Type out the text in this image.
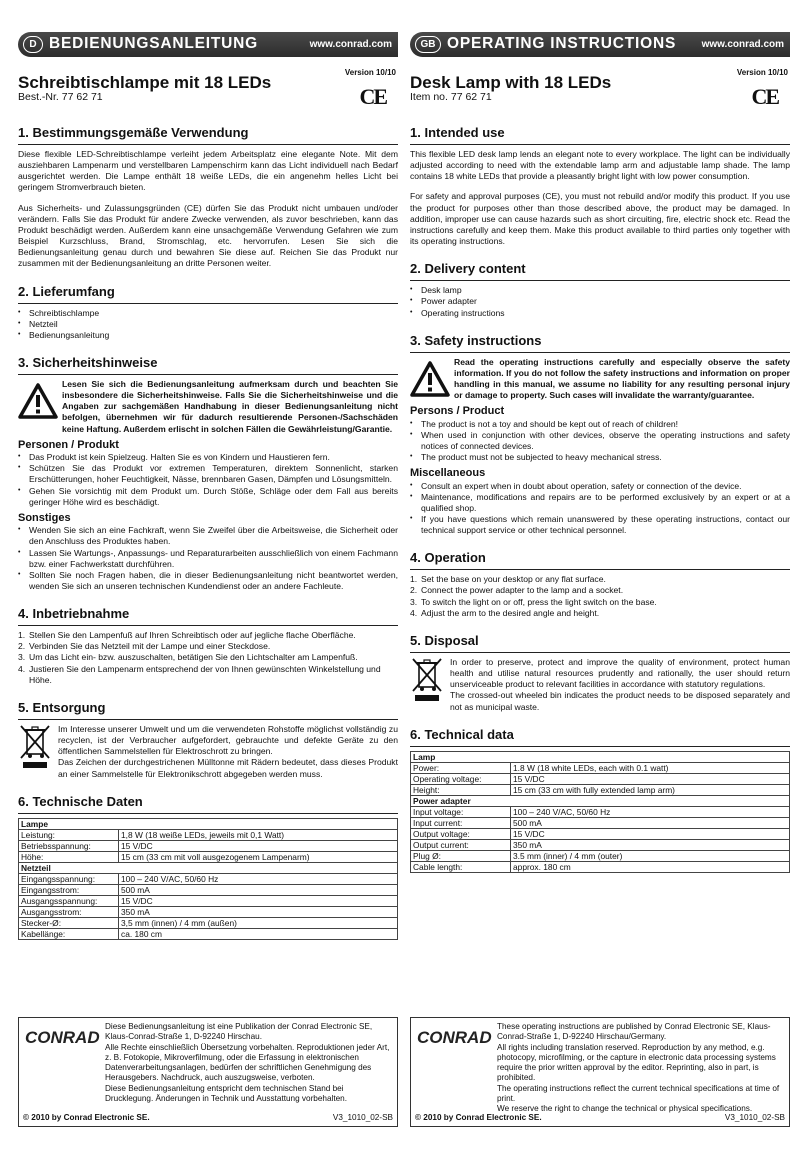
D BEDIENUNGSANLEITUNG	www.conrad.com
Schreibtischlampe mit 18 LEDs
Version 10/10
Best.-Nr. 77 62 71	CE
1. Bestimmungsgemäße Verwendung

Diese flexible LED-Schreibtischlampe verleiht jedem Arbeitsplatz eine elegante Note. Mit dem ausziehbaren Lampenarm und verstellbaren Lampenschirm kann das Licht individuell nach Bedarf ausgerichtet werden. Die Lampe enthält 18 weiße LEDs, die ein angenehm helles Licht bei geringem Stromverbrauch bieten.

Aus Sicherheits- und Zulassungsgründen (CE) dürfen Sie das Produkt nicht umbauen und/oder verändern. Falls Sie das Produkt für andere Zwecke verwenden, als zuvor beschrieben, kann das Produkt beschädigt werden. Außerdem kann eine unsachgemäße Verwendung Gefahren wie zum Beispiel Kurzschluss, Brand, Stromschlag, etc. hervorrufen. Lesen Sie sich die Bedienungsanleitung genau durch und bewahren Sie diese auf. Reichen Sie das Produkt nur zusammen mit der Bedienungsanleitung an dritte Personen weiter.

2. Lieferumfang
• Schreibtischlampe
• Netzteil
• Bedienungsanleitung
3. Sicherheitshinweise
Lesen Sie sich die Bedienungsanleitung aufmerksam durch und beachten Sie insbesondere die Sicherheitshinweise. Falls Sie die Sicherheitshinweise und die Angaben zur sachgemäßen Handhabung in dieser Bedienungsanleitung nicht befolgen, übernehmen wir für dadurch resultierende Personen-/Sachschäden keine Haftung. Außerdem erlischt in solchen Fällen die Gewährleistung/Garantie.
Personen / Produkt
• Das Produkt ist kein Spielzeug. Halten Sie es von Kindern und Haustieren fern.
• Schützen Sie das Produkt vor extremen Temperaturen, direktem Sonnenlicht, starken Erschütterungen, hoher Feuchtigkeit, Nässe, brennbaren Gasen, Dämpfen und Lösungsmitteln.
• Gehen Sie vorsichtig mit dem Produkt um. Durch Stöße, Schläge oder dem Fall aus bereits geringer Höhe wird es beschädigt.
Sonstiges
• Wenden Sie sich an eine Fachkraft, wenn Sie Zweifel über die Arbeitsweise, die Sicherheit oder den Anschluss des Produktes haben.
• Lassen Sie Wartungs-, Anpassungs- und Reparaturarbeiten ausschließlich von einem Fachmann bzw. einer Fachwerkstatt durchführen.
• Sollten Sie noch Fragen haben, die in dieser Bedienungsanleitung nicht beantwortet werden, wenden Sie sich an unseren technischen Kundendienst oder an andere Fachleute.
4. Inbetriebnahme
1. Stellen Sie den Lampenfuß auf Ihren Schreibtisch oder auf jegliche flache Oberfläche.
2. Verbinden Sie das Netzteil mit der Lampe und einer Steckdose.
3. Um das Licht ein- bzw. auszuschalten, betätigen Sie den Lichtschalter am Lampenfuß.
4. Justieren Sie den Lampenarm entsprechend der von Ihnen gewünschten Winkelstellung und Höhe.
5. Entsorgung

Im Interesse unserer Umwelt und um die verwendeten Rohstoffe möglichst vollständig zu recyclen, ist der Verbraucher aufgefordert, gebrauchte und defekte Geräte zu den öffentlichen Sammelstellen für Elektroschrott zu bringen.

Das Zeichen der durchgestrichenen Mülltonne mit Rädern bedeutet, dass dieses Produkt an einer Sammelstelle für Elektronikschrott abgegeben werden muss.

6. Technische Daten
Lampe	
Leistung:	1,8 W (18 weiße LEDs, jeweils mit 0,1 Watt)
Betriebsspannung:	15 V/DC
Höhe:	15 cm (33 cm mit voll ausgezogenem Lampenarm)
Netzteil	
Eingangsspannung:	100 – 240 V/AC, 50/60 Hz
Eingangsstrom:	500 mA
Ausgangsspannung:	15 V/DC
Ausgangsstrom:	350 mA
Stecker-Ø:	3,5 mm (innen) / 4 mm (außen)
Kabellänge:	ca. 180 cm
GB OPERATING INSTRUCTIONS	www.conrad.com
Desk Lamp with 18 LEDs
Version 10/10
Item no. 77 62 71	CE
1. Intended use

This flexible LED desk lamp lends an elegant note to every workplace. The light can be individually adjusted according to need with the extendable lamp arm and adjustable lamp shade. The lamp contains 18 white LEDs that provide a pleasantly bright light with low power consumption.

For safety and approval purposes (CE), you must not rebuild and/or modify this product. If you use the product for purposes other than those described above, the product may be damaged. In addition, improper use can cause hazards such as short circuiting, fire, electric shock etc. Read the instructions carefully and keep them. Make this product available to third parties only together with its operating instructions.

2. Delivery content
• Desk lamp
• Power adapter
• Operating instructions
3. Safety instructions
Read the operating instructions carefully and especially observe the safety information. If you do not follow the safety instructions and information on proper handling in this manual, we assume no liability for any resulting personal injury or damage to property. Such cases will invalidate the warranty/guarantee.
Persons / Product
• The product is not a toy and should be kept out of reach of children!
• When used in conjunction with other devices, observe the operating instructions and safety notices of connected devices.
• The product must not be subjected to heavy mechanical stress.
Miscellaneous
• Consult an expert when in doubt about operation, safety or connection of the device.
• Maintenance, modifications and repairs are to be performed exclusively by an expert or at a qualified shop.
• If you have questions which remain unanswered by these operating instructions, contact our technical support service or other technical personnel.
4. Operation
1. Set the base on your desktop or any flat surface.
2. Connect the power adapter to the lamp and a socket.
3. To switch the light on or off, press the light switch on the base.
4. Adjust the arm to the desired angle and height.
5. Disposal

In order to preserve, protect and improve the quality of environment, protect human health and utilise natural resources prudently and rationally, the user should return unserviceable product to relevant facilities in accordance with statutory regulations.

The crossed-out wheeled bin indicates the product needs to be disposed separately and not as municipal waste.

6. Technical data
Lamp	
Power:	1.8 W (18 white LEDs, each with 0.1 watt)
Operating voltage:	15 V/DC
Height:	15 cm (33 cm with fully extended lamp arm)
Power adapter	
Input voltage:	100 – 240 V/AC, 50/60 Hz
Input current:	500 mA
Output voltage:	15 V/DC
Output current:	350 mA
Plug Ø:	3.5 mm (inner) / 4 mm (outer)
Cable length:	approx. 180 cm
CONRAD
Diese Bedienungsanleitung ist eine Publikation der Conrad Electronic SE, Klaus-Conrad-Straße 1, D-92240 Hirschau.
Alle Rechte einschließlich Übersetzung vorbehalten. Reproduktionen jeder Art, z. B. Fotokopie, Mikroverfilmung, oder die Erfassung in elektronischen Datenverarbeitungsanlagen, bedürfen der schriftlichen Genehmigung des Herausgebers. Nachdruck, auch auszugsweise, verboten.
Diese Bedienungsanleitung entspricht dem technischen Stand bei Drucklegung. Änderungen in Technik und Ausstattung vorbehalten.
© 2010 by Conrad Electronic SE.	V3_1010_02-SB
CONRAD
These operating instructions are published by Conrad Electronic SE, Klaus-Conrad-Straße 1, D-92240 Hirschau/Germany.
All rights including translation reserved. Reproduction by any method, e.g. photocopy, microfilming, or the capture in electronic data processing systems require the prior written approval by the editor. Reprinting, also in part, is prohibited.
The operating instructions reflect the current technical specifications at time of print.
We reserve the right to change the technical or physical specifications.
© 2010 by Conrad Electronic SE.	V3_1010_02-SB
